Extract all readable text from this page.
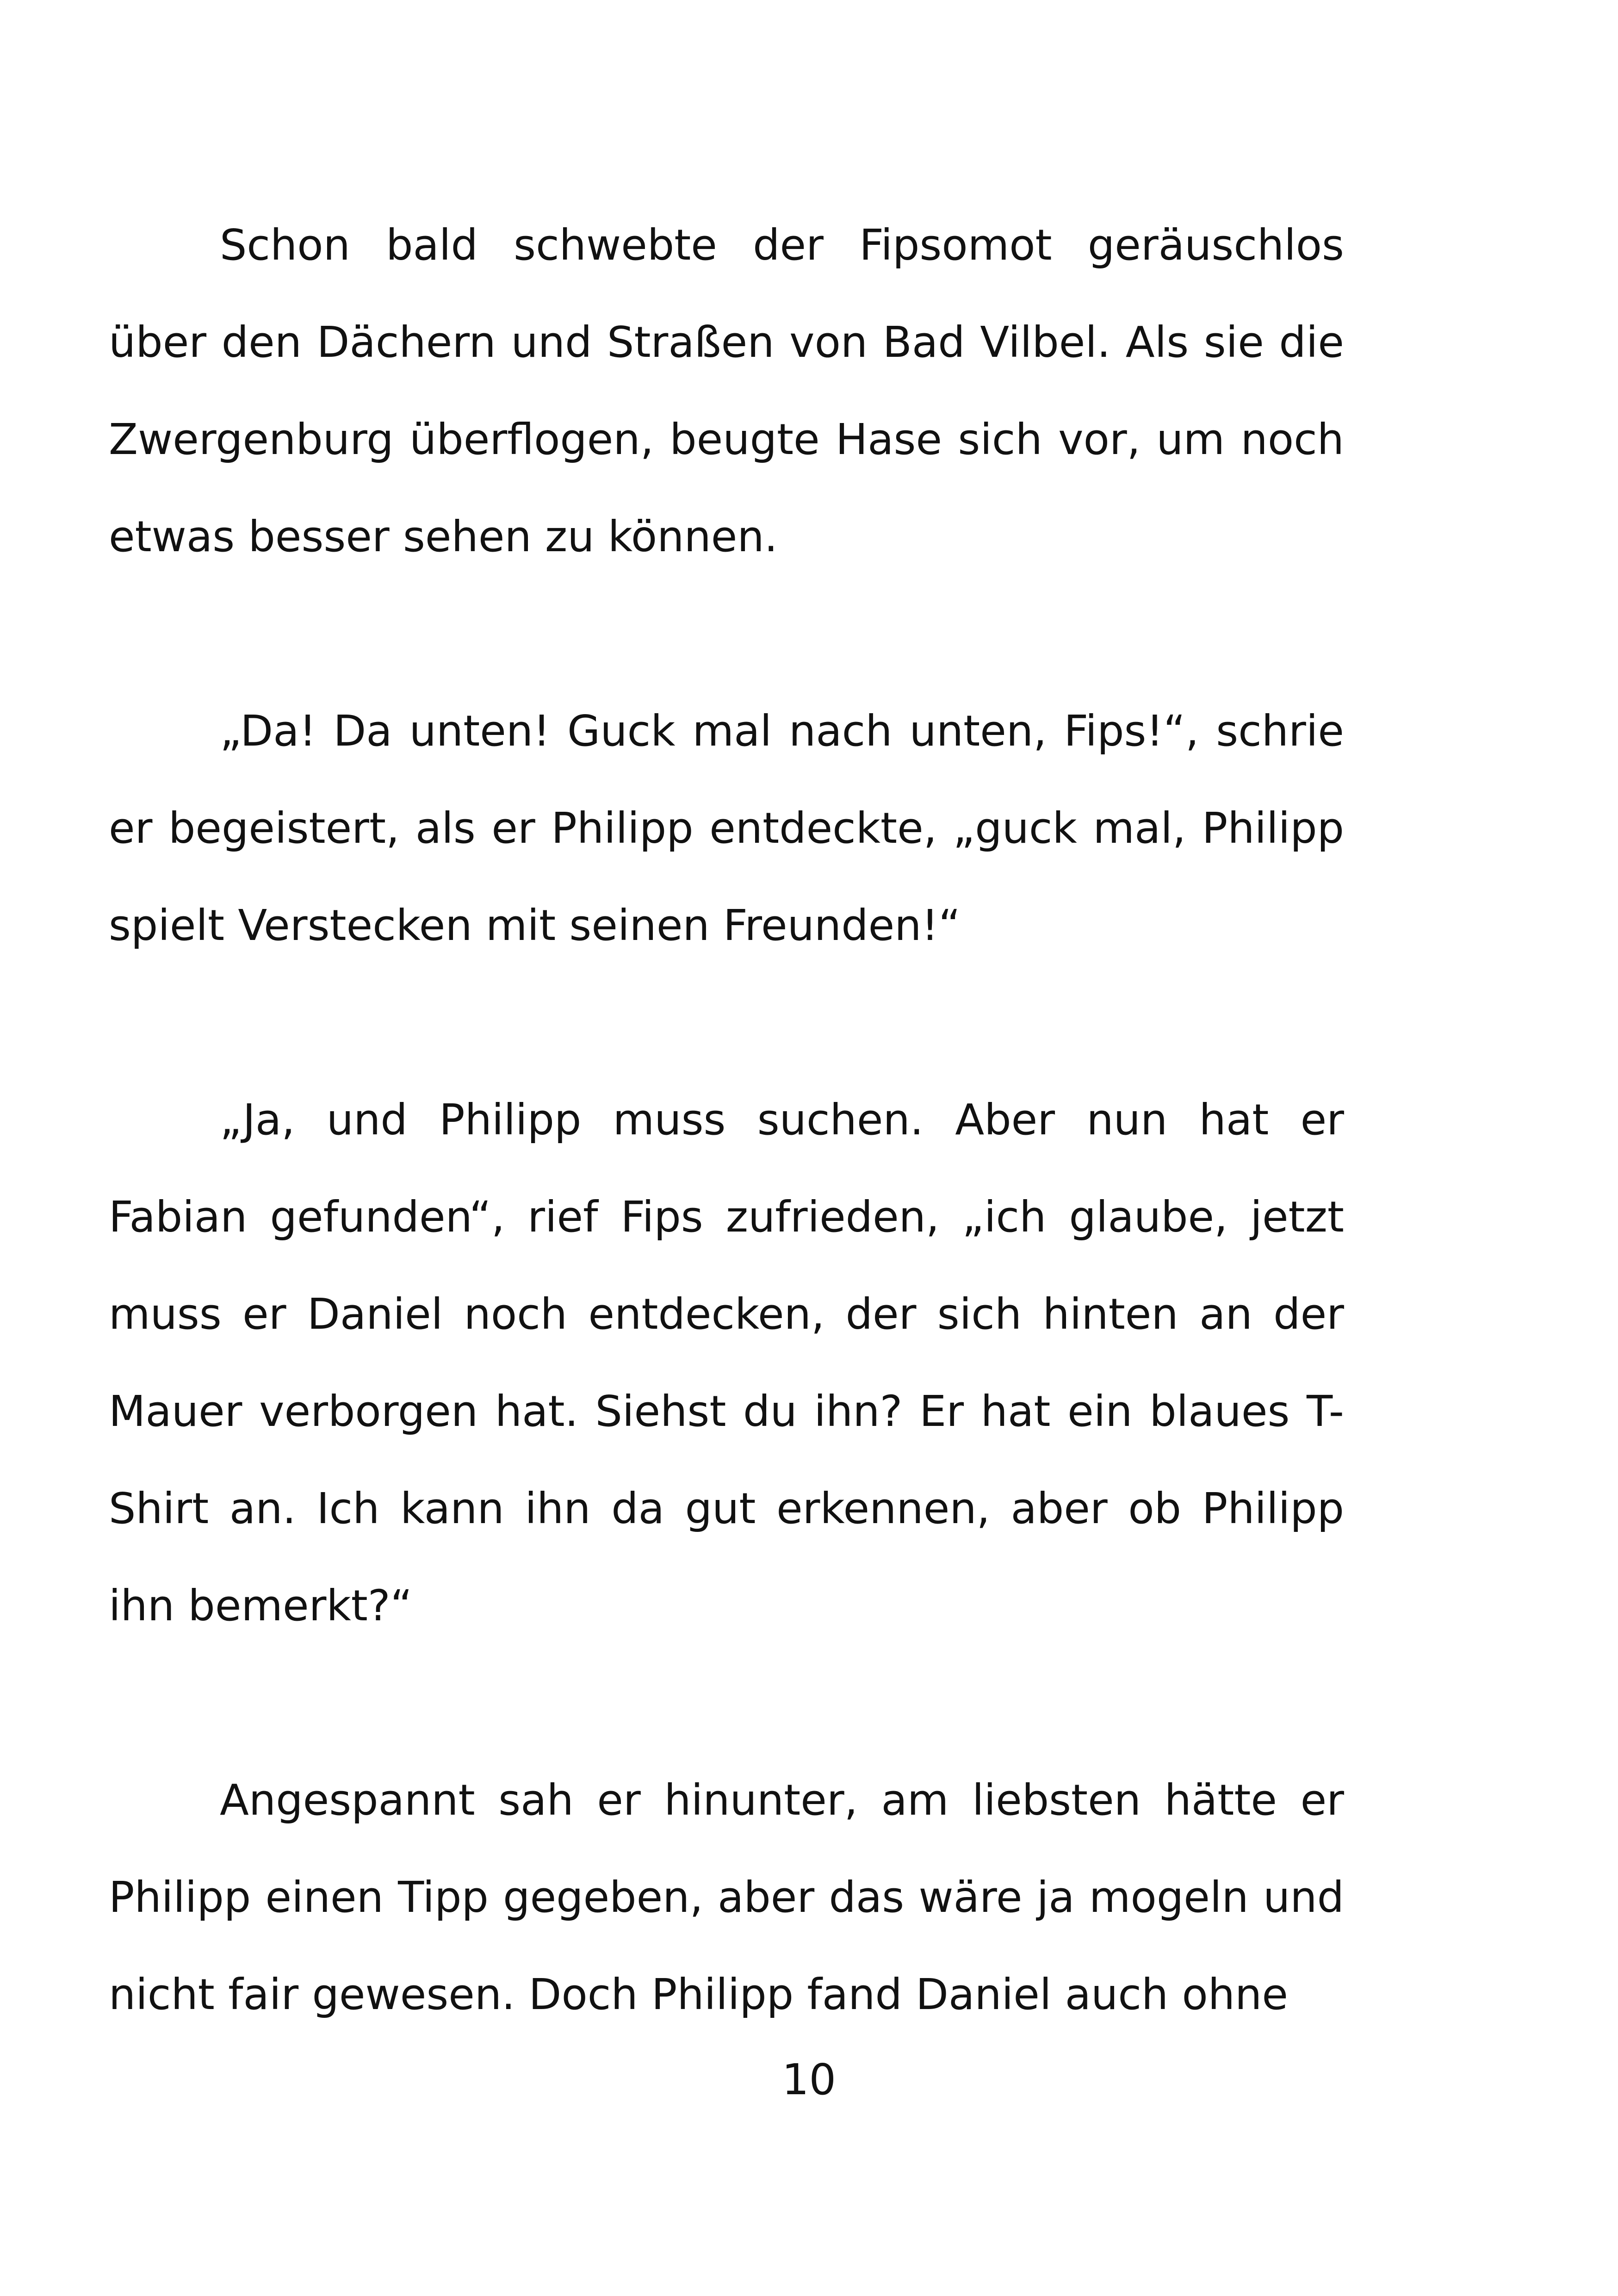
Schon bald schwebte der Fipsomot geräuschlos über den Dächern und Straßen von Bad Vilbel. Als sie die Zwergenburg überflogen, beugte Hase sich vor, um noch etwas besser sehen zu können.

„Da! Da unten! Guck mal nach unten, Fips!“, schrie er begeistert, als er Philipp entdeckte, „guck mal, Philipp spielt Verstecken mit seinen Freunden!“

„Ja, und Philipp muss suchen. Aber nun hat er Fabian gefunden“, rief Fips zufrieden, „ich glaube, jetzt muss er Daniel noch entdecken, der sich hinten an der Mauer verborgen hat. Siehst du ihn? Er hat ein blaues T-Shirt an. Ich kann ihn da gut erkennen, aber ob Philipp ihn bemerkt?“

Angespannt sah er hinunter, am liebsten hätte er Philipp einen Tipp gegeben, aber das wäre ja mogeln und nicht fair gewesen. Doch Philipp fand Daniel auch ohne

10
